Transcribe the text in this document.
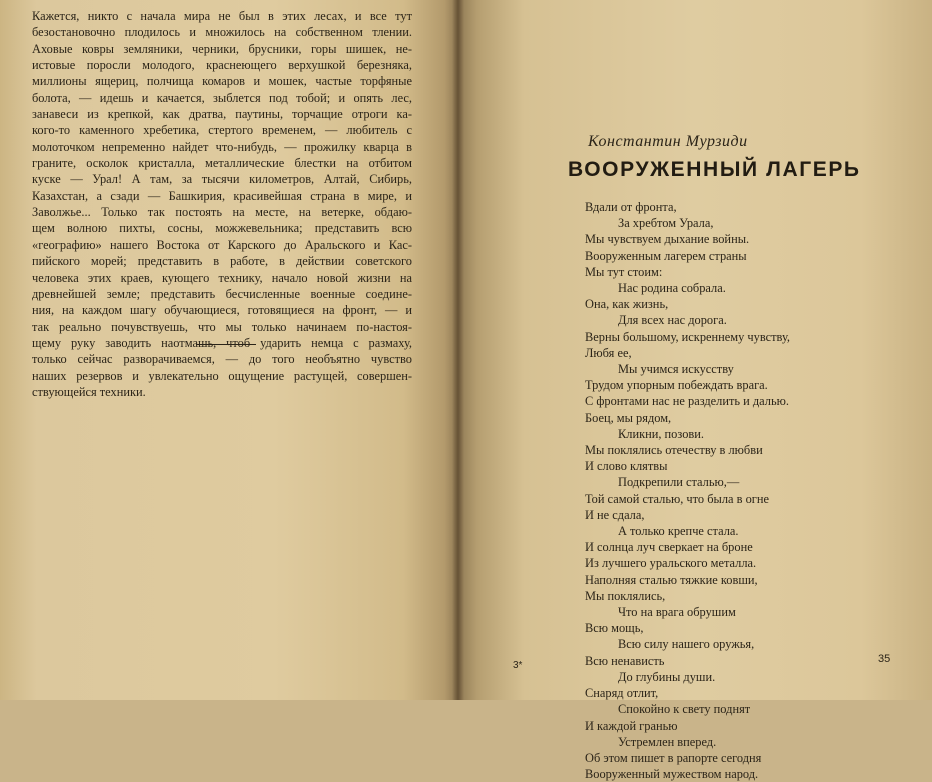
Кажется, никто с начала мира не был в этих лесах, и все тут
безостановочно плодилось и множилось на собственном тлении.
Аховые ковры земляники, черники, брусники, горы шишек, не-
истовые поросли молодого, краснеющего верхушкой березняка,
миллионы ящериц, полчища комаров и мошек, частые торфяные
болота, — идешь и качается, зыблется под тобой; и опять лес,
занавеси из крепкой, как дратва, паутины, торчащие отроги ка-
кого-то каменного хребетика, стертого временем, — любитель с
молоточком непременно найдет что-нибудь, — прожилку кварца в
граните, осколок кристалла, металлические блестки на отбитом
куске — Урал! А там, за тысячи километров, Алтай, Сибирь,
Казахстан, а сзади — Башкирия, красивейшая страна в мире, и
Заволжье... Только так постоять на месте, на ветерке, обдаю-
щем волною пихты, сосны, можжевельника; представить всю
«географию» нашего Востока от Карского до Аральского и Кас-
пийского морей; представить в работе, в действии советского
человека этих краев, кующего технику, начало новой жизни на
древнейшей земле; представить бесчисленные военные соедине-
ния, на каждом шагу обучающиеся, готовящиеся на фронт, — и
так реально почувствуешь, что мы только начинаем по-настоя-
щему руку заводить наотмашь, чтоб ударить немца с размаху,
только сейчас разворачиваемся, — до того необъятно чувство
наших резервов и увлекательно ощущение растущей, совершен-
ствующейся техники.
Константин Мурзиди
ВООРУЖЕННЫЙ ЛАГЕРЬ
Вдали от фронта,
За хребтом Урала,
Мы чувствуем дыхание войны.
Вооруженным лагерем страны
Мы тут стоим:
Нас родина собрала.
Она, как жизнь,
Для всех нас дорога.
Верны большому, искреннему чувству,
Любя ее,
Мы учимся искусству
Трудом упорным побеждать врага.
С фронтами нас не разделить и далью.
Боец, мы рядом,
Кликни, позови.
Мы поклялись отечеству в любви
И слово клятвы
Подкрепили сталью,—
Той самой сталью, что была в огне
И не сдала,
А только крепче стала.
И солнца луч сверкает на броне
Из лучшего уральского металла.
Наполняя сталью тяжкие ковши,
Мы поклялись,
Что на врага обрушим
Всю мощь,
Всю силу нашего оружья,
Всю ненависть
До глубины души.
Снаряд отлит,
Спокойно к свету поднят
И каждой гранью
Устремлен вперед.
Об этом пишет в рапорте сегодня
Вооруженный мужеством народ.
3*
35
